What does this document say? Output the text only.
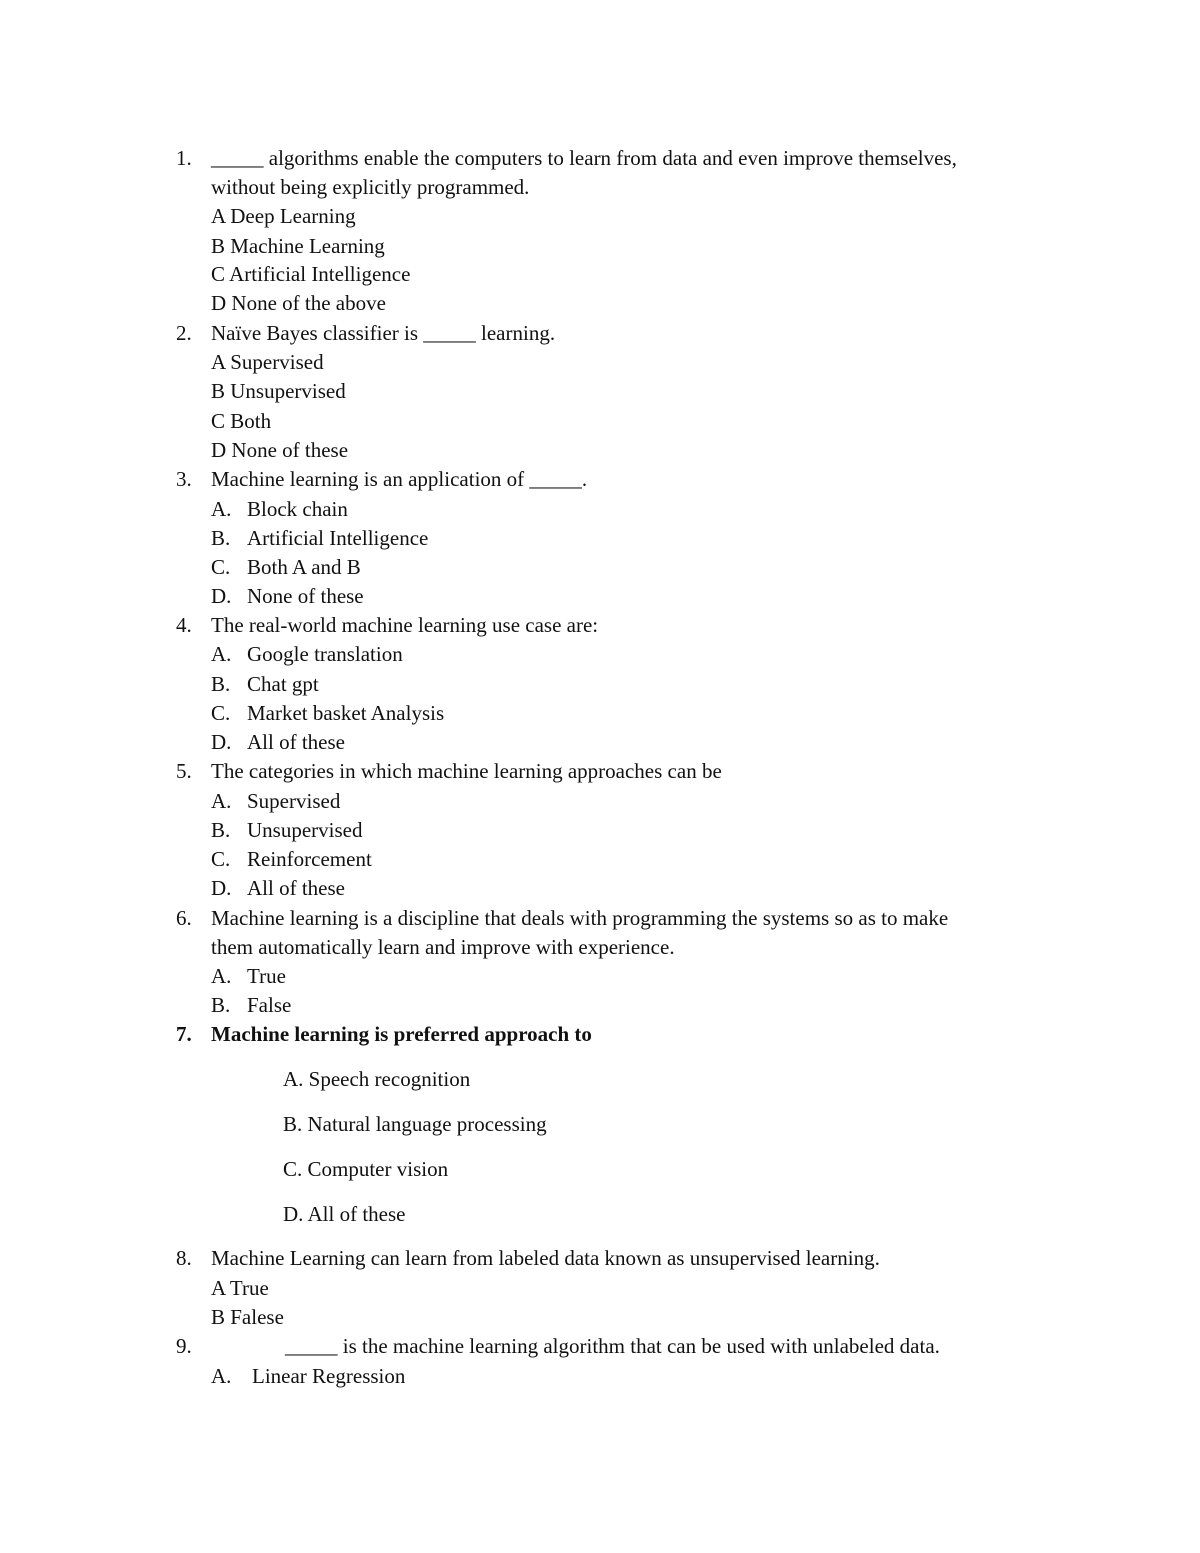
1. _____ algorithms enable the computers to learn from data and even improve themselves,
without being explicitly programmed.
A Deep Learning
B Machine Learning
C Artificial Intelligence
D None of the above
2. Naïve Bayes classifier is _____ learning.
A Supervised
B Unsupervised
C Both
D None of these
3. Machine learning is an application of _____.
A. Block chain
B. Artificial Intelligence
C. Both A and B
D. None of these
4. The real-world machine learning use case are:
A. Google translation
B. Chat gpt
C. Market basket Analysis
D. All of these
5. The categories in which machine learning approaches can be
A. Supervised
B. Unsupervised
C. Reinforcement
D. All of these
6. Machine learning is a discipline that deals with programming the systems so as to make
them automatically learn and improve with experience.
A. True
B. False
7. Machine learning is preferred approach to
A. Speech recognition
B. Natural language processing
C. Computer vision
D. All of these
8. Machine Learning can learn from labeled data known as unsupervised learning.
A True
B Falese
9.	_____ is the machine learning algorithm that can be used with unlabeled data.
A. Linear Regression
